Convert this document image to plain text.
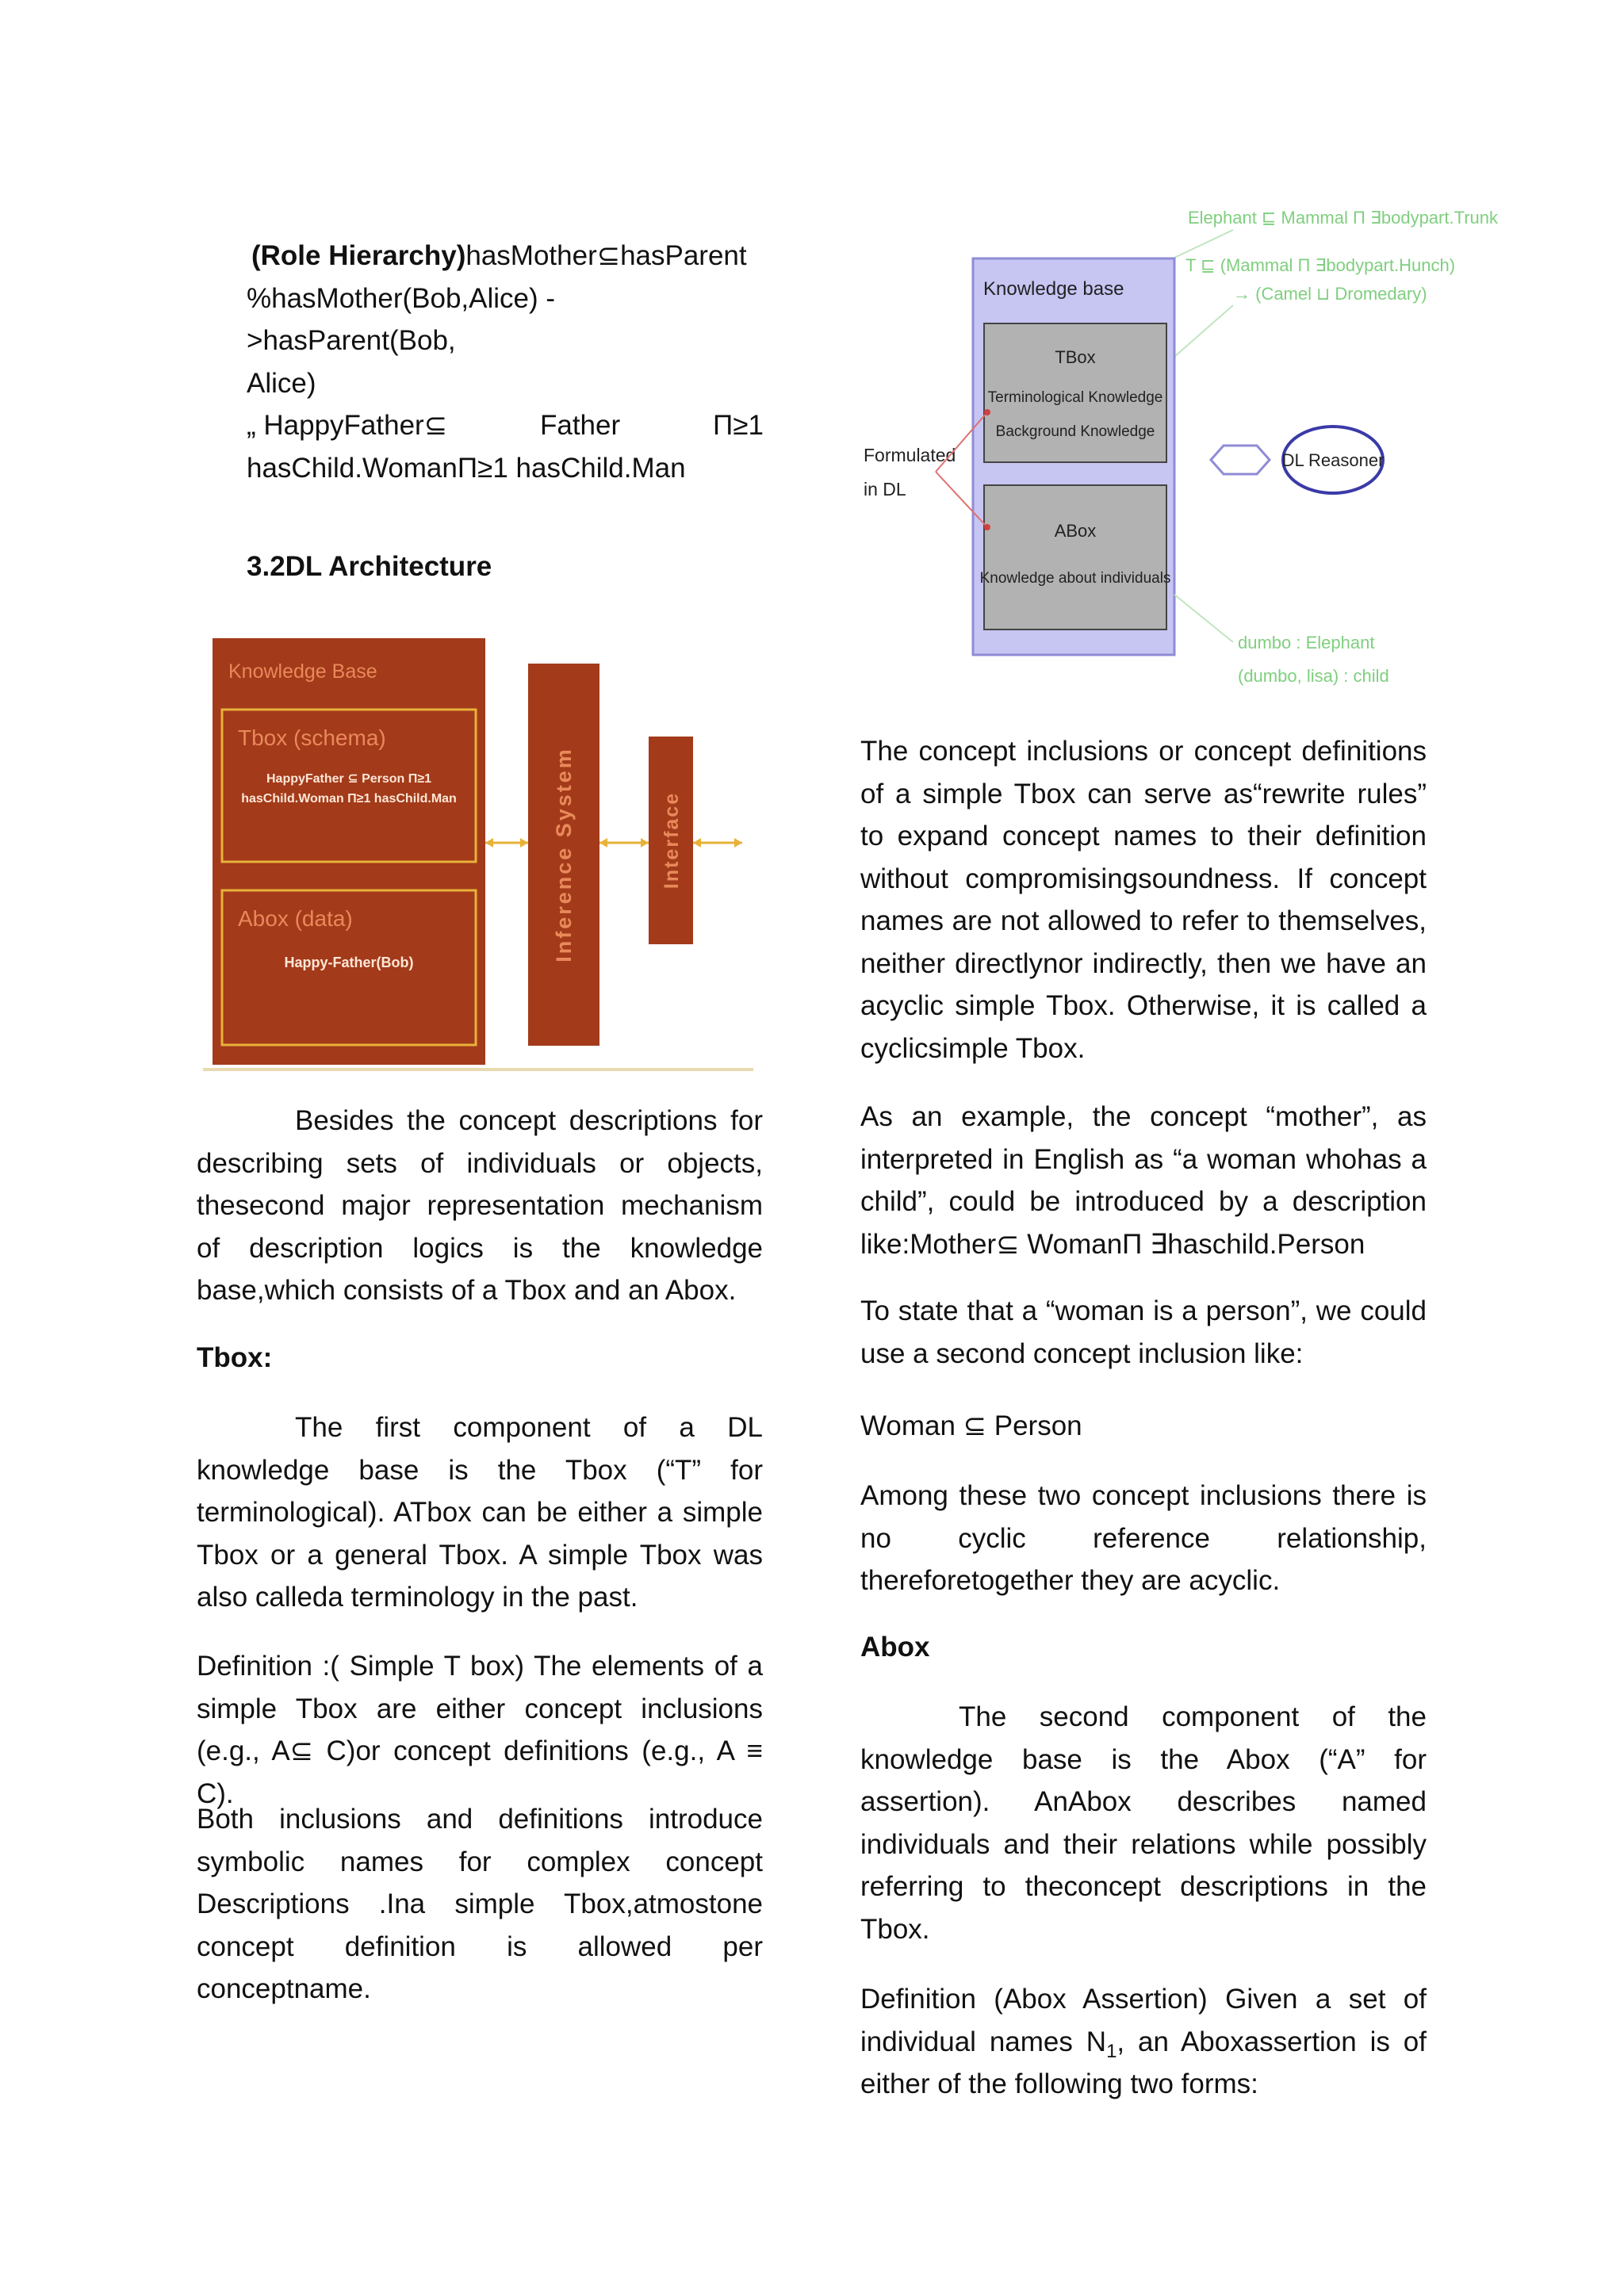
(Role Hierarchy)hasMother⊆hasParent

%hasMother(Bob,Alice) ->hasParent(Bob,

Alice)

„ HappyFather⊆	Father	Π≥1

hasChild.WomanΠ≥1 hasChild.Man

3.2DL Architecture

Besides the concept descriptions for describing sets of individuals or objects, thesecond major representation mechanism of description logics is the knowledge base,which consists of a Tbox and an Abox.

Tbox:

The first component of a DL knowledge base is the Tbox (“T” for terminological). ATbox can be either a simple Tbox or a general Tbox. A simple Tbox was also calleda terminology in the past.

Definition :( Simple T box) The elements of a simple Tbox are either concept inclusions (e.g., A⊆ C)or concept definitions (e.g., A ≡ C).

Both inclusions and definitions introduce symbolic names for complex concept Descriptions .Ina simple Tbox,atmostone concept definition is allowed per conceptname.

The concept inclusions or concept definitions of a simple Tbox can serve as“rewrite rules” to expand concept names to their definition without compromisingsoundness. If concept names are not allowed to refer to themselves, neither directlynor indirectly, then we have an acyclic simple Tbox. Otherwise, it is called a cyclicsimple Tbox.

As an example, the concept “mother”, as interpreted in English as “a woman whohas a child”, could be introduced by a description like:Mother⊆ WomanΠ ∃haschild.Person

To state that a “woman is a person”, we could use a second concept inclusion like:

Woman ⊆ Person

Among these two concept inclusions there is no cyclic reference relationship, thereforetogether they are acyclic.

Abox

The second component of the knowledge base is the Abox (“A” for assertion). AnAbox describes named individuals and their relations while possibly referring to theconcept descriptions in the Tbox.

Definition (Abox Assertion) Given a set of individual names $N_1$, an Aboxassertion is of either of the following two forms:

Knowledge Base
Tbox (schema)
HappyFather ⊆ Person Π≥1
hasChild.Woman Π≥1 hasChild.Man
Abox (data)
Happy-Father(Bob)
Inference System	Interface
Elephant ⊑ Mammal Π ∃bodypart.Trunk
T ⊑ (Mammal Π ∃bodypart.Hunch)
→ (Camel ⊔ Dromedary)
Knowledge base
TBox
Terminological Knowledge
Background Knowledge
ABox
Knowledge about individuals
Formulated
in DL
DL Reasoner
dumbo : Elephant
(dumbo, lisa) : child
